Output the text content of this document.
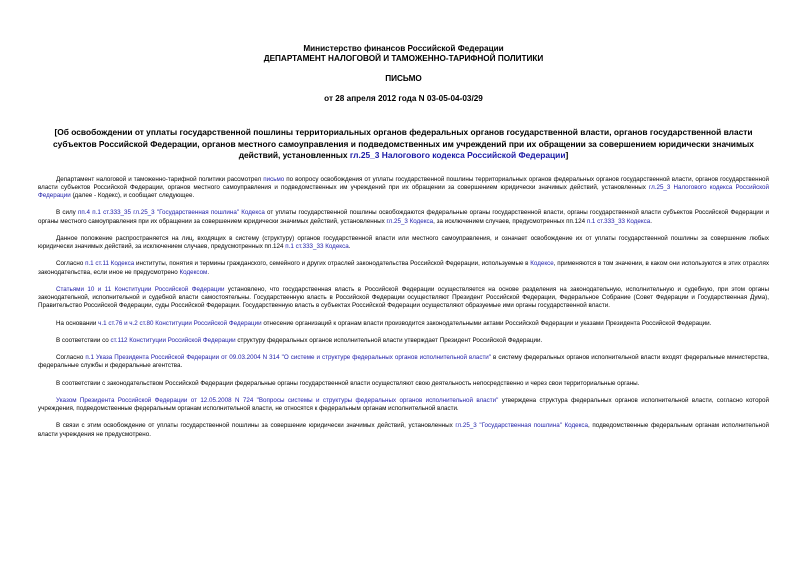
Министерство финансов Российской Федерации
ДЕПАРТАМЕНТ НАЛОГОВОЙ И ТАМОЖЕННО-ТАРИФНОЙ ПОЛИТИКИ
ПИСЬМО
от 28 апреля 2012 года N 03-05-04-03/29
[Об освобождении от уплаты государственной пошлины территориальных органов федеральных органов государственной власти, органов государственной власти субъектов Российской Федерации, органов местного самоуправления и подведомственных им учреждений при их обращении за совершением юридически значимых действий, установленных гл.25_3 Налогового кодекса Российской Федерации]

Департамент налоговой и таможенно-тарифной политики рассмотрел письмо по вопросу освобождения от уплаты государственной пошлины территориальных органов федеральных органов государственной власти, органов государственной власти субъектов Российской Федерации, органов местного самоуправления и подведомственных им учреждений при их обращении за совершением юридически значимых действий, установленных гл.25_3 Налогового кодекса Российской Федерации (далее - Кодекс), и сообщает следующее.

В силу пп.4 п.1 ст.333_35 гл.25_3 "Государственная пошлина" Кодекса от уплаты государственной пошлины освобождаются федеральные органы государственной власти, органы государственной власти субъектов Российской Федерации и органы местного самоуправления при их обращении за совершением юридически значимых действий, установленных гл.25_3 Кодекса, за исключением случаев, предусмотренных пп.124 п.1 ст.333_33 Кодекса.

Данное положение распространяется на лиц, входящих в систему (структуру) органов государственной власти или местного самоуправления, и означает освобождение их от уплаты государственной пошлины за совершение любых юридически значимых действий, за исключением случаев, предусмотренных пп.124 п.1 ст.333_33 Кодекса.

Согласно п.1 ст.11 Кодекса институты, понятия и термины гражданского, семейного и других отраслей законодательства Российской Федерации, используемые в Кодексе, применяются в том значении, в каком они используются в этих отраслях законодательства, если иное не предусмотрено Кодексом.

Статьями 10 и 11 Конституции Российской Федерации установлено, что государственная власть в Российской Федерации осуществляется на основе разделения на законодательную, исполнительную и судебную, при этом органы законодательной, исполнительной и судебной власти самостоятельны. Государственную власть в Российской Федерации осуществляют Президент Российской Федерации, Федеральное Собрание (Совет Федерации и Государственная Дума), Правительство Российской Федерации, суды Российской Федерации. Государственную власть в субъектах Российской Федерации осуществляют образуемые ими органы государственной власти.

На основании ч.1 ст.76 и ч.2 ст.80 Конституции Российской Федерации отнесение организаций к органам власти производится законодательными актами Российской Федерации и указами Президента Российской Федерации.

В соответствии со ст.112 Конституции Российской Федерации структуру федеральных органов исполнительной власти утверждает Президент Российской Федерации.

Согласно п.1 Указа Президента Российской Федерации от 09.03.2004 N 314 "О системе и структуре федеральных органов исполнительной власти" в систему федеральных органов исполнительной власти входят федеральные министерства, федеральные службы и федеральные агентства.

В соответствии с законодательством Российской Федерации федеральные органы государственной власти осуществляют свою деятельность непосредственно и через свои территориальные органы.

Указом Президента Российской Федерации от 12.05.2008 N 724 "Вопросы системы и структуры федеральных органов исполнительной власти" утверждена структура федеральных органов исполнительной власти, согласно которой учреждения, подведомственные федеральным органам исполнительной власти, не относятся к федеральным органам исполнительной власти.

В связи с этим освобождение от уплаты государственной пошлины за совершение юридически значимых действий, установленных гл.25_3 "Государственная пошлина" Кодекса, подведомственные федеральным органам исполнительной власти учреждения не предусмотрено.
